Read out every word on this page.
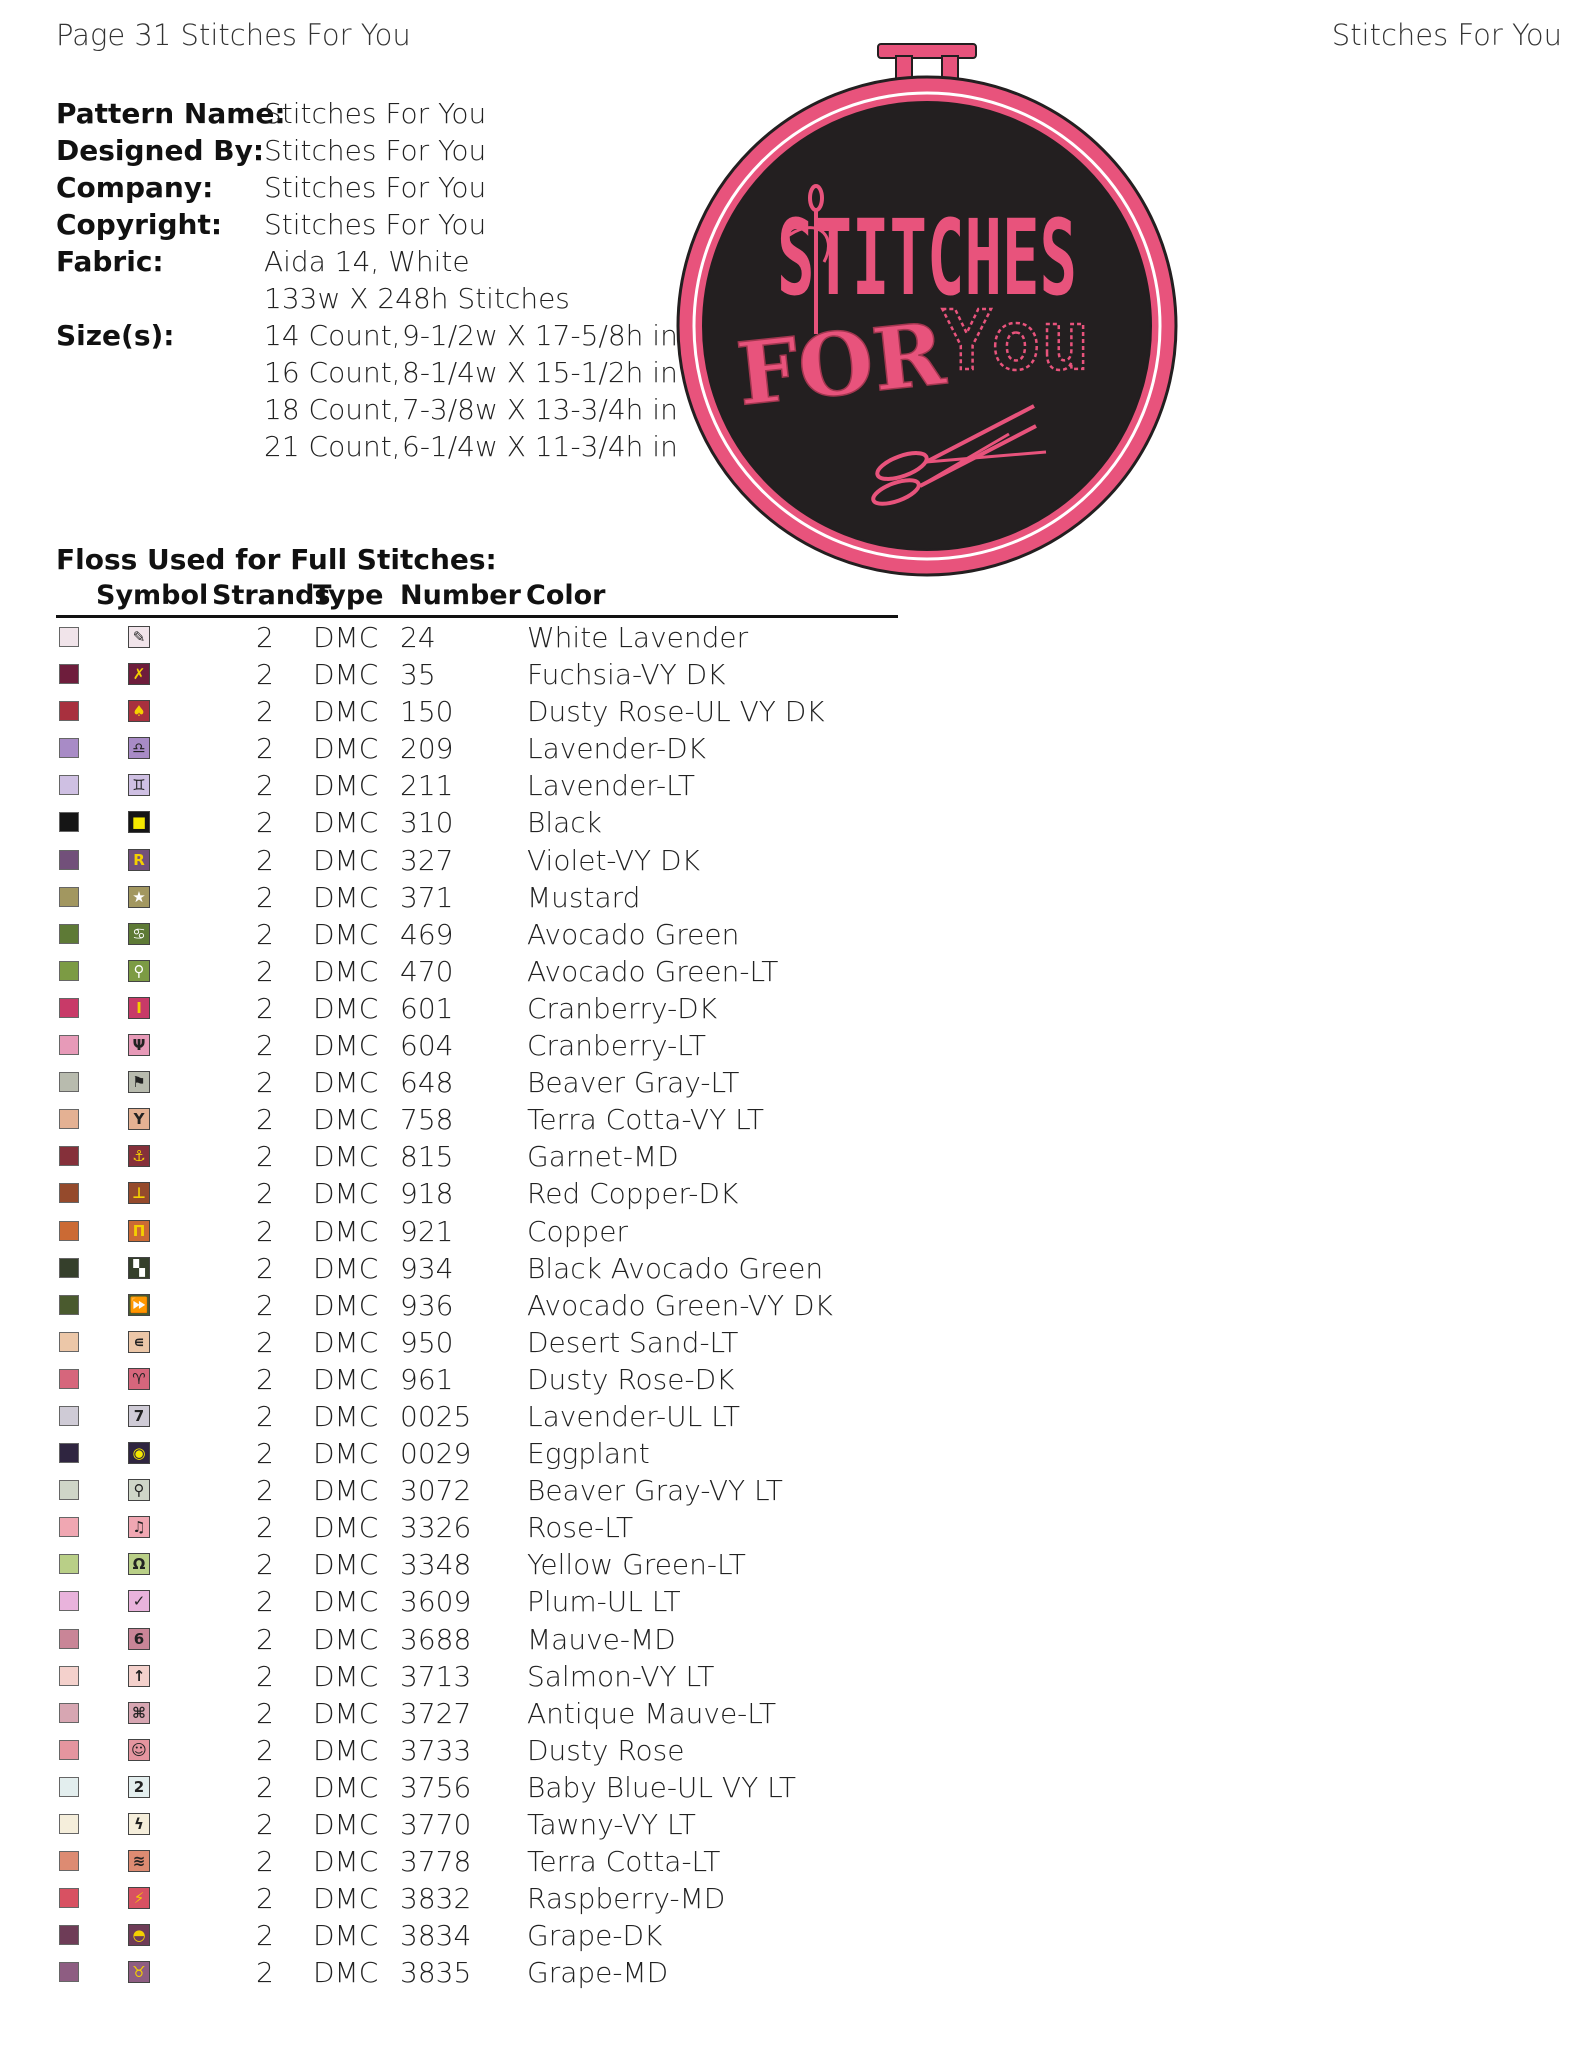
Page 31 Stitches For You	Stitches For You
Pattern Name:
Stitches For You
Designed By: Stitches For You
Company:	Stitches For You
Copyright:	Stitches For You
Fabric:	Aida 14, White
133w X 248h Stitches
Size(s):	14 Count,9-1/2w X 17-5/8h in
16 Count,8-1/4w X 15-1/2h in
18 Count,7-3/8w X 13-3/4h in
21 Count,6-1/4w X 11-3/4h in
STITCHES
FOR
You
Floss Used for Full Stitches:
Symbol Strands
Type Number Color
✎	2 DMC 24	White Lavender
✗	2 DMC 35	Fuchsia-VY DK
♠	2 DMC 150	Dusty Rose-UL VY DK
♎	2 DMC 209	Lavender-DK
♊	2 DMC 211	Lavender-LT
■	2 DMC 310	Black
R	2 DMC 327	Violet-VY DK
★	2 DMC 371	Mustard
♋	2 DMC 469	Avocado Green
⚲	2 DMC 470	Avocado Green-LT
Ⅰ	2 DMC 601	Cranberry-DK
Ψ	2 DMC 604	Cranberry-LT
⚑	2 DMC 648	Beaver Gray-LT
Y	2 DMC 758	Terra Cotta-VY LT
⚓	2 DMC 815	Garnet-MD
⊥	2 DMC 918	Red Copper-DK
Π	2 DMC 921	Copper
▚	2 DMC 934	Black Avocado Green
⏩	2 DMC 936	Avocado Green-VY DK
∊	2 DMC 950	Desert Sand-LT
♈	2 DMC 961	Dusty Rose-DK
7	2 DMC 0025 Lavender-UL LT
◉	2 DMC 0029 Eggplant
⚲	2 DMC 3072 Beaver Gray-VY LT
♫	2 DMC 3326 Rose-LT
Ω	2 DMC 3348 Yellow Green-LT
✓	2 DMC 3609 Plum-UL LT
6	2 DMC 3688 Mauve-MD
↑	2 DMC 3713 Salmon-VY LT
⌘	2 DMC 3727 Antique Mauve-LT
☺	2 DMC 3733 Dusty Rose
2	2 DMC 3756 Baby Blue-UL VY LT
ϟ	2 DMC 3770 Tawny-VY LT
≋	2 DMC 3778 Terra Cotta-LT
⚡	2 DMC 3832 Raspberry-MD
◓	2 DMC 3834 Grape-DK
♉	2 DMC 3835 Grape-MD
